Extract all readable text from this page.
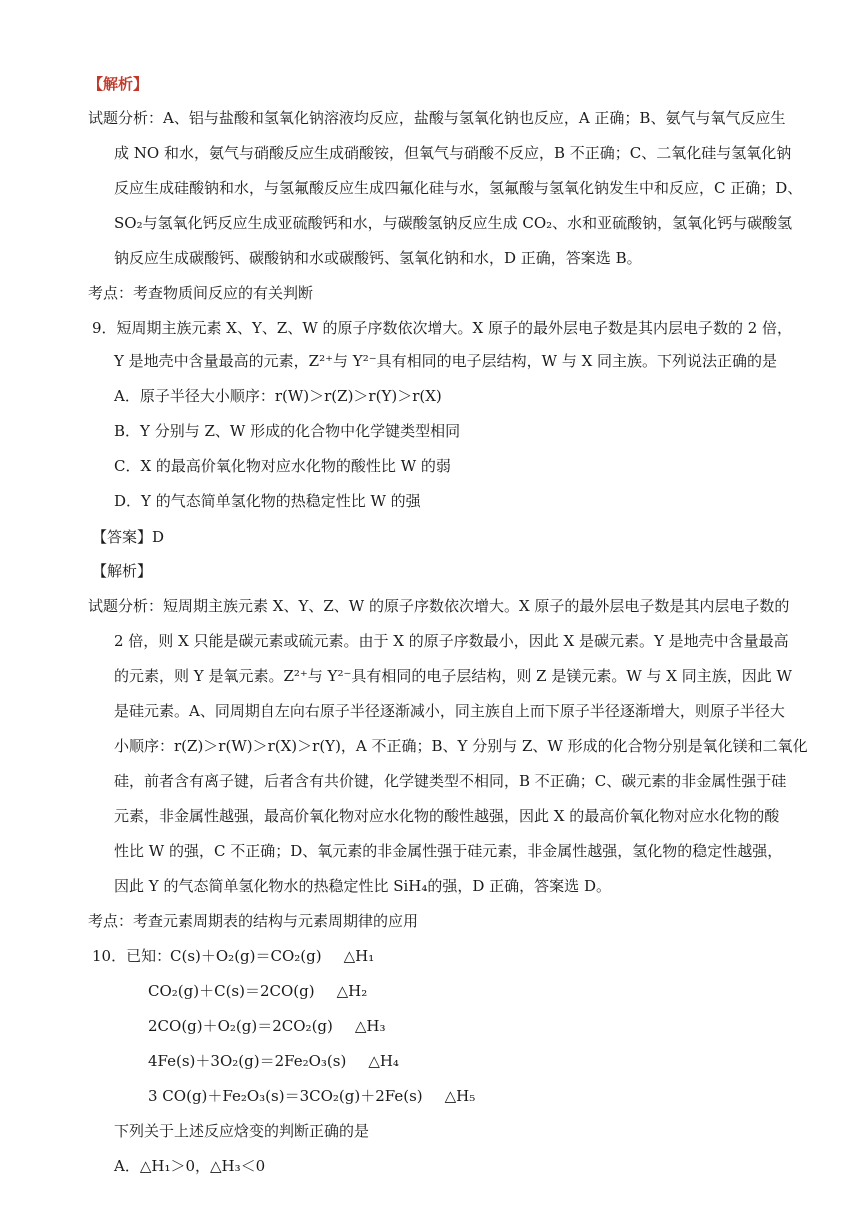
【解析】
试题分析：A、铝与盐酸和氢氧化钠溶液均反应，盐酸与氢氧化钠也反应，A 正确；B、氨气与氧气反应生
成 NO 和水，氨气与硝酸反应生成硝酸铵，但氧气与硝酸不反应，B 不正确；C、二氧化硅与氢氧化钠
反应生成硅酸钠和水，与氢氟酸反应生成四氟化硅与水，氢氟酸与氢氧化钠发生中和反应，C 正确；D、
SO₂与氢氧化钙反应生成亚硫酸钙和水，与碳酸氢钠反应生成 CO₂、水和亚硫酸钠，氢氧化钙与碳酸氢
钠反应生成碳酸钙、碳酸钠和水或碳酸钙、氢氧化钠和水，D 正确，答案选 B。
考点：考查物质间反应的有关判断
9．短周期主族元素 X、Y、Z、W 的原子序数依次增大。X 原子的最外层电子数是其内层电子数的 2 倍，
Y 是地壳中含量最高的元素，Z²⁺与 Y²⁻具有相同的电子层结构，W 与 X 同主族。下列说法正确的是
A．原子半径大小顺序：r(W)＞r(Z)＞r(Y)＞r(X)
B．Y 分别与 Z、W 形成的化合物中化学键类型相同
C．X 的最高价氧化物对应水化物的酸性比 W 的弱
D．Y 的气态简单氢化物的热稳定性比 W 的强
【答案】D
【解析】
试题分析：短周期主族元素 X、Y、Z、W 的原子序数依次增大。X 原子的最外层电子数是其内层电子数的
2 倍，则 X 只能是碳元素或硫元素。由于 X 的原子序数最小，因此 X 是碳元素。Y 是地壳中含量最高
的元素，则 Y 是氧元素。Z²⁺与 Y²⁻具有相同的电子层结构，则 Z 是镁元素。W 与 X 同主族，因此 W
是硅元素。A、同周期自左向右原子半径逐渐减小，同主族自上而下原子半径逐渐增大，则原子半径大
小顺序：r(Z)＞r(W)＞r(X)＞r(Y)，A 不正确；B、Y 分别与 Z、W 形成的化合物分别是氧化镁和二氧化
硅，前者含有离子键，后者含有共价键，化学键类型不相同，B 不正确；C、碳元素的非金属性强于硅
元素，非金属性越强，最高价氧化物对应水化物的酸性越强，因此 X 的最高价氧化物对应水化物的酸
性比 W 的强，C 不正确；D、氧元素的非金属性强于硅元素，非金属性越强，氢化物的稳定性越强，
因此 Y 的气态简单氢化物水的热稳定性比 SiH₄的强，D 正确，答案选 D。
考点：考查元素周期表的结构与元素周期律的应用
10．已知：
C(s)＋O₂(g)＝CO₂(g) △H₁
CO₂(g)＋C(s)＝2CO(g) △H₂
2CO(g)＋O₂(g)＝2CO₂(g) △H₃
4Fe(s)＋3O₂(g)＝2Fe₂O₃(s) △H₄
3 CO(g)＋Fe₂O₃(s)＝3CO₂(g)＋2Fe(s) △H₅
下列关于上述反应焓变的判断正确的是
A．△H₁＞0，△H₃＜0
